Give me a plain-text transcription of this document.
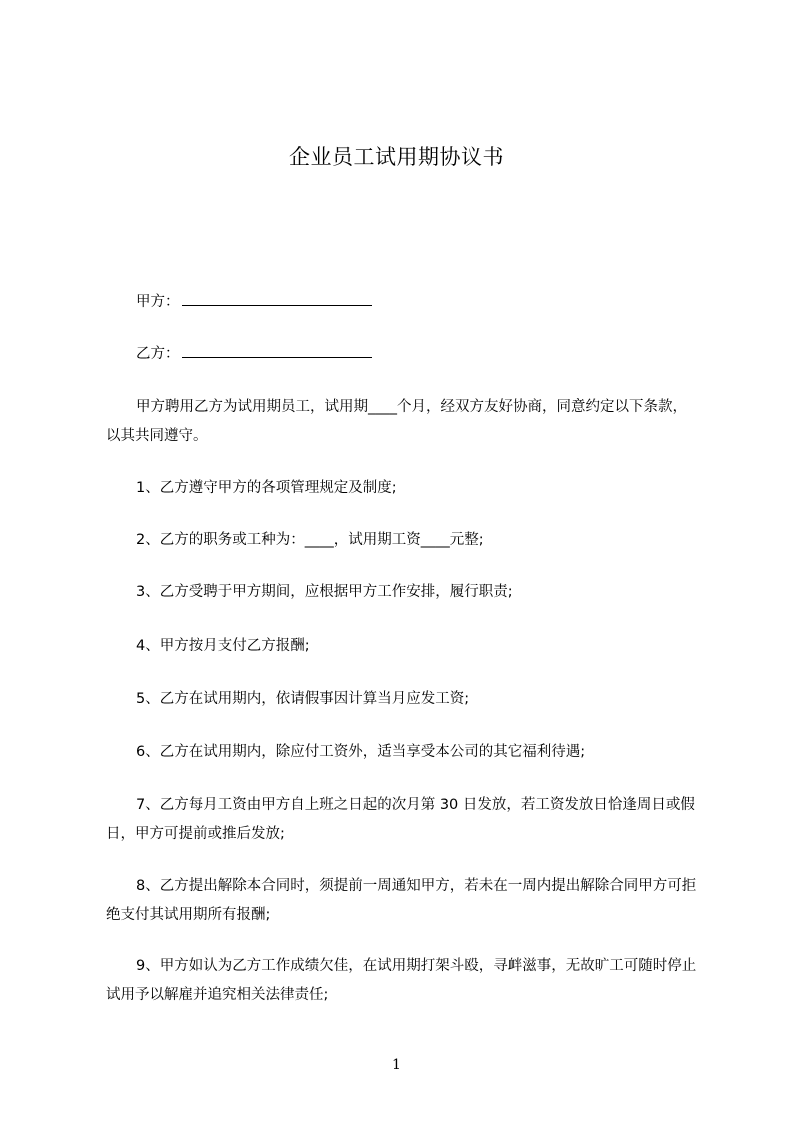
企业员工试用期协议书

甲方：

乙方：

甲方聘用乙方为试用期员工，试用期____个月，经双方友好协商，同意约定以下条款，以其共同遵守。

1、乙方遵守甲方的各项管理规定及制度;

2、乙方的职务或工种为：____，试用期工资____元整;

3、乙方受聘于甲方期间，应根据甲方工作安排，履行职责;

4、甲方按月支付乙方报酬;

5、乙方在试用期内，依请假事因计算当月应发工资;

6、乙方在试用期内，除应付工资外，适当享受本公司的其它福利待遇;

7、乙方每月工资由甲方自上班之日起的次月第 30 日发放，若工资发放日恰逢周日或假日，甲方可提前或推后发放;

8、乙方提出解除本合同时，须提前一周通知甲方，若未在一周内提出解除合同甲方可拒绝支付其试用期所有报酬;

9、甲方如认为乙方工作成绩欠佳，在试用期打架斗殴，寻衅滋事，无故旷工可随时停止试用予以解雇并追究相关法律责任;

1
